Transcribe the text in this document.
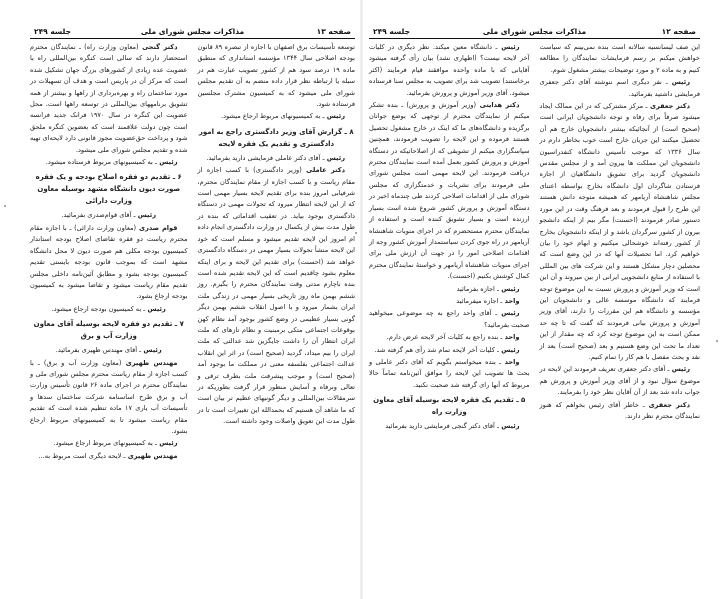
صفحه ۱۳
مذاکرات مجلس شورای ملی
جلسه ۲۴۹

توسعه تأسیسات برق اصفهان با اجازه از تبصره ۸۹ قانون بودجه اصلاحی سال ۱۳۴۴ مؤسسه استانداری که منطبق ماده ۱۹ درصد سود هم از کشور تصویب عبارت هم در سبله یا ارتباطه نظر قرار داده منضم به آن تقدیم مجلس شورای ملی میشود که به کمیسیون مشترک مجلسین فرستاده شود.

رئیس ـ به کمیسیونهای مربوط ارجاع میشود.

۸ ـ گزارش آقای وزیر دادگستری راجع به امور دادگستری و تقدیم یک فقره لایحه

رئیس ـ آقای دکتر عاملی فرمایشی دارید بفرمائید.

دکتر عاملی (وزیر دادگستری) با کسب اجازه از مقام ریاست و با کسب اجازه از مقام نمایندگان محترم، شرفیابی امروز بنده برای تقدیم لایحه بسیار مهمی است که از این لایحه انتظار میرود که تحولات مهمی در دستگاه دادگستری بوجود بیاید. در تعقیب اقداماتی که بنده در طول مدت بیش از یکسال در وزارت دادگستری انجام داده ام امروز این لایحه تقدیم میشود و مسلم است که خود این لایحه منشأ تحولات بسیار مهمی در دستگاه دادگستری خواهد شد (احسنت) برای تقدیم این لایحه و برای اینکه معلوم بشود چاقدیم است که این لایحه تقدیم شده است بنده ناچارم مدتی وقت نمایندگان محترم را بگیرم. روز ششم بهمن ماه روز تاریخی بسیار مهمی در زندگی ملت ایران بشمار میرود و با اصول انقلاب ششم بهمن دیگر گونی بسیار عظیمی در وضع کشور بوجود آمد نظام کهن بوقوعات اجتماعی متکی برمبنیت و نظام تازهای که ملت ایران انتظار آن را داشت جایگزین شد عدالتی که ملت ایران را بیم میداد، گردید (صحیح است) در اثر این انقلاب عدالت اجتماعی بفلسفه معنی در مملکت ما بوجود آمد (صحیح است) و موجب پیشرفت ملت بطرف ترقی و تعالی وبرفاه و آسایش منظور قرار گرفت بطوریکه در سرمقالات بین‌المللی و دیگر گونیهای عظیم تر بیان است که ما شاهد آن هستیم که بحمدالله این تغییرات است تا در طول مدت این تعویق واصلات وجود داشته است.

دکتر گنجی (معاون وزارت راه) ـ نمایندگان محترم استحضار دارند که سالی است کنگره بین‌المللی راه با عضویت عده زیادی از کشورهای بزرگ جهان تشکیل شده است که مرکز آن در پاریس است و هدف آن تسهیلات در مورد ساختمان راه و بهره‌برداری از راهها و بیشتر از همه تشویق برنامههای بین‌المللی در توسعه راهها است. محل عضویت این کنگره در سال ۱۹۷۰ فرانک جدید فرانسه است چون دولت علاقمند است که بعضوین کنگره ملحق شود و پرداخت حق‌عضویت مجوز قانونی دارد لایحه‌ای تهیه شده و تقدیم مجلس شورای ملی میشود.

رئیس ـ به کمیسیونهای مربوط فرستاده میشود.

۶ ـ تقدیم دو فقره اصلاح بودجه و یک فقره صورت دیون دانشگاه مشهد بوسیله معاون وزارت دارائی

رئیس ـ آقای قوام‌صدری بفرمائید.

قوام صدری (معاون وزارت دارائی) ـ با اجازه مقام محترم ریاست دو فقره تقاضای اصلاح بودجه استاندار کمیسیون بودجه مکلی هم صورت دیون لا محل دانشگاه مشهد است که بموجب قانون بودجه بایستی تقدیم کمیسیون بودجه بشود و مطابق آئین‌نامه داخلی مجلس تقدیم مقام ریاست میشود و تقاضا میشود به کمیسیون بودجه ارجاع بشود.

رئیس ـ به کمیسیون بودجه ارجاع میشود.

۷ ـ تقدیم دو فقره لایحه بوسیله آقای معاون وزارت آب و برق

رئیس ـ آقای مهندس ظهیری بفرمائید.

مهندس ظهیری (معاون وزارت آب و برق) ـ با کسب اجازه از مقام ریاست محترم مجلس شورای ملی و نمایندگان محترم در اجرای ماده ۲۶ قانون تأسیس وزارت آب و برق طرح اساسنامه شرکت ساختمان سدها و تأسیسات آب یاری ۱۷ ماده تنظیم شده است که تقدیم مقام ریاست میشود تا به کمیسیونهای مربوط ارجاع بشود.

رئیس ـ به کمیسیونهای مربوط ارجاع میشود.

مهندس ظهیری ـ لایحه دیگری است مربوط به...

صفحه ۱۲
مذاکرات مجلس شورای ملی
جلسه ۲۴۹

این صف لیسانسیه سالانه است بنده نمی‌بینم که سیاست خواهش میکنم بر رسم فرمایشات نمایندگان را مطالعه کنیم و به ماده ۲ و مورد توضیحات بیشتر مشغول شوم.

رئیس ـ نفر دیگری اسم ننوشته آقای دکتر جعفری فرمایشی داشتید بفرمائید.

دکتر جعفری ـ مرکز مشترکی که در این ممالک ایجاد میشود صرفاً برای رفاه و توجه دانشجویان ایرانی است (صحیح است) از آنجائیکه بیشتر دانشجویان خارج هم آن تحصیل میکنند این جریان خارج است خوب بخاطر دارم در سال ۱۳۳۶ که موجب تأسیس دانشگاه کنفدراسیون دانشجویان این مملکت ها بیرون آمد و از مجلس مقدس دانشجویان گردید برای تشویق دانشگاهیان از اجازه فرستادن شاگردان اول دانشگاه بخارج بواسطه اعتنای مجلس شاهنشاه آریامهر که همیشه متوجه دانش هستند این طرح را قبول فرمودند و بعد فرهنگ وقت در این مورد دستور صادر فرمودند (احسنت) مگر بیم از اینکه دانشجو بیرون از کشور سرگردان باشد و از اینکه دانشجویان بخارج از کشور رفته‌اند خوشحالی میکنیم و ابهام خود را بیان خواهیم کرد. اما تحصیلات آنها که در این وضع است که محصلین دچار مشکل هستند و این شرکت های بین المللی با استفاده از منابع دانشجویی ایرانی از بین میروند و آن این است که وزیر آموزش و پرورش نسبت به این موضوع توجه فرمایند که دانشگاه موسسه عالی و دانشجویان این مؤسسه و دانشگاه هم این مقررات را دارند، آقای وزیر آموزش و پرورش بیانی فرمودند که گفت که تا چه حد ممکن است به این موضوع توجه کرد که چه مقدار از این تعداد ما تحت این وضع هستیم و بعد (صحیح است) بعد از نقد و بحث مفصل با هم کار را تمام کنیم.

رئیس ـ آقای دکتر جعفری تعریف فرمودند این لایحه در موضوع سؤال نبود و از آقای وزیر آموزش و پرورش هم جواب داده شد بعد از آن آقایان نظر خود را بفرمایند.

دکتر جعفری ـ خاطر آقای رئیس بخواهم که هنوز نمایندگان محترم نظر دارند.

رئیس ـ دانشگاه معین میکند. نظر دیگری در کلیات آخر لایحه نیست؟ (اظهاری نشد) بیان رأی گرفته میشود آقایانی که با ماده واحده موافقند قیام فرمایند (اکثر برخاستند) تصویب شد برای تصویب به مجلس سنا فرستاده میشود. آقای وزیر آموزش و پرورش بفرمائید.

دکتر هدایتی (وزیر آموزش و پرورش) ـ بنده تشکر میکنم از نمایندگان محترم از توجهی که بوضع جوانان برگزیده و دانشگاه‌های ما که اینک در خارج مشغول تحصیل هستند فرموده و این لایحه را تصویب فرمودند، همچنین سپاسگزاری میکنم از تشویقی که از اصلاحاتیکه در دستگاه آموزش و پرورش کشور بعمل آمده است نمایندگان محترم دریافت فرمودند. این لایحه مهمی است مجلس شورای ملی فرمودند برای نشریات و خدمتگزاری که مجلس شورای ملی از اقدامات اصلاحی کردند طی چندماه اخیر در دستگاه آموزش و پرورش کشور شروع شده است بسیار ارزنده است و بسیار تشویق کننده است و استفاده از نمایندگان محترم مستحضرم که در اجرای منویات شاهنشاه آریامهر در راه جوی کردن سیاستمدار آموزش کشور وجه از اقدامات اصلاحی امور را در جهت آن ارزش ملی برای اجرای منویات شاهنشاه آریامهر و خواستهٔ نمایندگان محترم کمال کوشش بکنیم (احسنت).

رئیس ـ اجازه بفرمائید

واحد ـ اجازه میفرمائید

رئیس ـ آقای واحد راجع به چه موضوعی میخواهید صحبت بفرمائید؟

واحد ـ بنده راجع به کلیات آخر لایحه عرض دارم.

رئیس ـ کلیات آخر لایحه تمام شد رأی هم گرفته شد.

واحد ـ بنده میخواستم بگویم که آقای دکتر عاملی و بحث ها تصویب این لایحه را موافق آئین‌نامه تماماً حالا مربوط که آنها رای گرفته شد صحبت نکنید.

۵ ـ تقدیم یک فقره لایحه بوسیله آقای معاون وزارت راه

رئیس ـ آقای دکتر گنجی فرمایشی دارید بفرمائید
